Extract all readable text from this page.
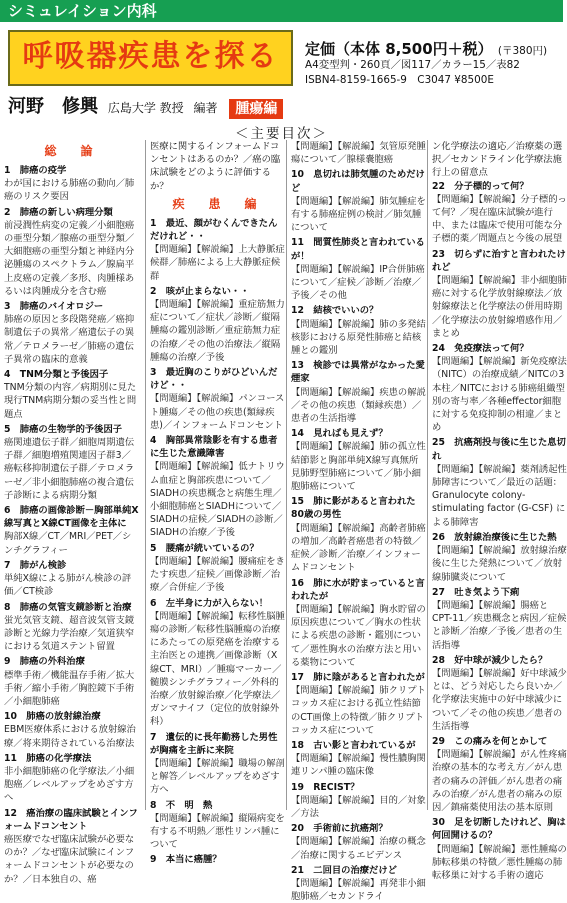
シミュレイション内科
呼吸器疾患を探る
河野　修興 広島大学 教授 編著 腫瘍編
定価（本体 8,500円＋税） (〒380円)
A4変型判・260頁／図117／カラー15／表82
ISBN4-8159-1665-9　C3047 ¥8500E
＜主要目次＞
総　論
1　 肺癌の疫学
わが国における肺癌の動向／肺癌のリスク要因
2　 肺癌の新しい病理分類
前浸潤性病変の定義／小細胞癌の亜型分類／腺癌の亜型分類／大細胞癌の亜型分類と神経内分泌腫瘍のスペクトラム／腺扁平上皮癌の定義／多形、肉腫様あるいは肉腫成分を含む癌
3　 肺癌のバイオロジー
肺癌の原因と多段階発癌／癌抑制遺伝子の異常／癌遺伝子の異常／テロメラーゼ／肺癌の遺伝子異常の臨床的意義
4　 TNM分類と予後因子
TNM分類の内容／病期別に見た現行TNM病期分類の妥当性と問題点
5　 肺癌の生物学的予後因子
癌関連遺伝子群／細胞周期遺伝子群／細胞増殖関連因子群3／癌転移抑制遺伝子群／テロメラーゼ／非小細胞肺癌の複合遺伝子診断による病期分類
6　 肺癌の画像診断－胸部単純X線写真とX線CT画像を主体に
胸部X線／CT／MRI／PET／シンチグラフィー
7　 肺がん検診
単純X線による肺がん検診の評価／CT検診
8　 肺癌の気管支鏡診断と治療
蛍光気管支鏡、超音波気管支鏡診断と光線力学治療／気道狭窄における気道ステント留置
9　 肺癌の外科治療
標準手術／機能温存手術／拡大手術／縮小手術／胸腔鏡下手術／小細胞肺癌
10　 肺癌の放射線治療
EBM医療体系における放射線治療／将来期待されている治療法
11　 肺癌の化学療法
非小細胞肺癌の化学療法／小細胞癌／レベルアップをめざす方へ
12　 癌治療の臨床試験とインフォームドコンセント
癌医療でなぜ臨床試験が必要なのか？／なぜ臨床試験にインフォームドコンセントが必要なのか？／日本独自の、癌
医療に関するインフォームドコンセントはあるのか？／癌の臨床試験をどのように評価するか？
疾　患　編
1　 最近、顔がむくんできたんだけれど・・
【問題編】【解説編】上大静脈症候群／肺癌による上大静脈症候群
2　 咳が止まらない・・
【問題編】【解説編】重症筋無力症について／症状／診断／縦隔腫瘍の鑑別診断／重症筋無力症の治療／その他の治療法／縦隔腫瘍の治療／予後
3　 最近胸のこりがひどいんだけど・・
【問題編】【解説編】パンコースト腫瘍／その他の疾患(類縁疾患)／インフォームドコンセント
4　 胸部異常陰影を有する患者に生じた意識障害
【問題編】【解説編】低ナトリウム血症と胸部疾患について／SIADHの疾患概念と病態生理／小細胞肺癌とSIADHについて／SIADHの症候／SIADHの診断／SIADHの治療／予後
5　 腰痛が続いているの？
【問題編】【解説編】腰痛症をきたす疾患／症候／画像診断／治療／合併症／予後
6　 左半身に力が入らない！
【問題編】【解説編】転移性脳腫瘍の診断／転移性脳腫瘍の治療にあたっての原発癌を治療する主治医との連携／画像診断（X線CT、MRI）／腫瘍マーカー／髄膜シンチグラフィー／外科的治療／放射線治療／化学療法／ガンマナイフ（定位的放射線外科）
7　 遺伝的に長年勤務した男性が胸痛を主訴に来院
【問題編】【解説編】職場の解剖と解答／レベルアップをめざす方へ
8　 不　明　熱
【問題編】【解説編】縦隔病変を有する不明熱／悪性リンパ腫について
9　 本当に癌腫？
【問題編】【解説編】気管原発腫瘍について／腺様嚢胞癌
10　 息切れは肺気腫のためだけど
【問題編】【解説編】肺気腫症を有する肺癌症例の検討／肺気腫について
11　 間質性肺炎と言われているが！
【問題編】【解説編】IP合併肺癌について／症候／診断／治療／予後／その他
12　 結核でいいの？
【問題編】【解説編】肺の多発結核影における原発性肺癌と結核腫との鑑別
13　 検診では異常がなかった愛煙家
【問題編】【解説編】疾患の解説／その他の疾患（類縁疾患）／患者の生活指導
14　 見ればも見えず？
【問題編】【解説編】肺の孤立性結節影と胸部単純X線写真無所見肺野型肺癌について／肺小細胞肺癌について
15　 肺に影があると言われた80歳の男性
【問題編】【解説編】高齢者肺癌の増加／高齢者癌患者の特徴／症候／診断／治療／インフォームドコンセント
16　 肺に水が貯まっていると言われたが
【問題編】【解説編】胸水貯留の原因疾患について／胸水の性状による疾患の診断・鑑別について／悪性胸水の治療方法と用いる薬物について
17　 肺に陰があると言われたが
【問題編】【解説編】肺クリプトコッカス症における孤立性結節のCT画像上の特徴／肺クリプトコッカス症について
18　 古い影と言われているが
【問題編】【解説編】慢性膿胸関連リンパ腫の臨床像
19　 RECIST？
【問題編】【解説編】目的／対象／方法
20　 手術前に抗癌剤？
【問題編】【解説編】治療の概念／治療に関するエビデンス
21　 二回目の治療だけど
【問題編】【解説編】再発非小細胞肺癌／セカンドライ
ン化学療法の適応／治療薬の選択／セカンドライン化学療法施行上の留意点
22　 分子標的って何？
【問題編】【解説編】分子標的って何？／現在臨床試験が進行中、または臨床で使用可能な分子標的薬／問題点と今後の展望
23　 切らずに治すと言われたけれど
【問題編】【解説編】非小細胞肺癌に対する化学放射線療法／放射線療法と化学療法の併用時期／化学療法の放射線増感作用／まとめ
24　 免疫療法って何？
【問題編】【解説編】新免疫療法（NITC）の治療成績／NITCの3本柱／NITCにおける肺癌組織型別の寄与率／各種effector細胞に対する免疫抑制の相違／まとめ
25　 抗癌剤投与後に生じた息切れ
【問題編】【解説編】薬剤誘起性肺障害について／最近の話題：Granulocyte colony-stimulating factor (G-CSF) による肺障害
26　 放射線治療後に生じた熱
【問題編】【解説編】放射線治療後に生じた発熱について／放射線肺臓炎について
27　 吐き気よう下痢
【問題編】【解説編】腸癌とCPT-11／疾患概念と病因／症候と診断／治療／予後／患者の生活指導
28　 好中球が減少したら？
【問題編】【解説編】好中球減少とは、どう対応したら良いか／化学療法実施中の好中球減少について／その他の疾患／患者の生活指導
29　 この痛みを何とかして
【問題編】【解説編】がん性疼痛治療の基本的な考え方／がん患者の痛みの評価／がん患者の痛みの治療／がん患者の痛みの原因／鎮痛薬使用法の基本原則
30　 足を切断したけれど、胸は何回開けるの？
【問題編】【解説編】悪性腫瘍の肺転移巣の特徴／悪性腫瘍の肺転移巣に対する手術の適応
